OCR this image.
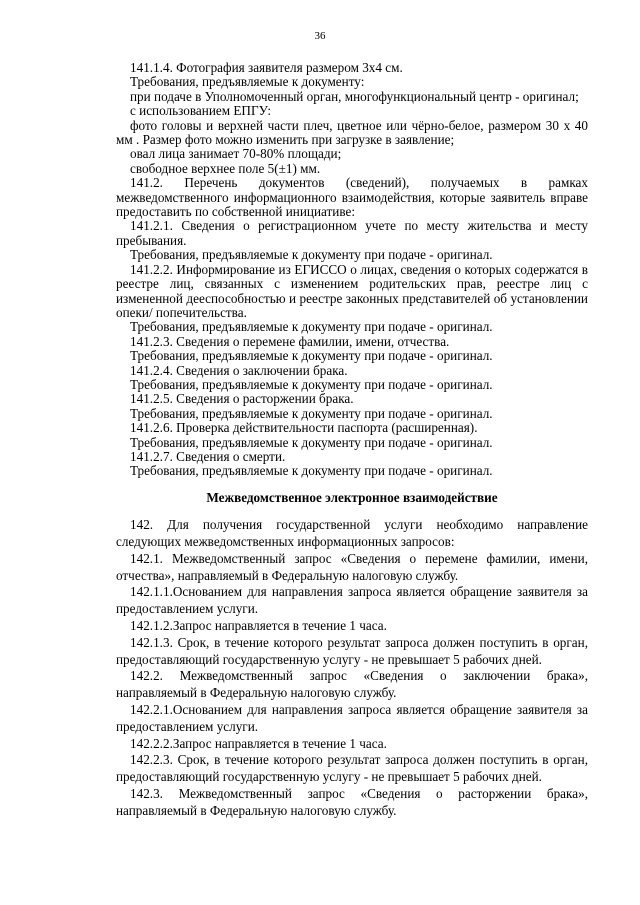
36

141.1.4. Фотография заявителя размером 3х4 см.

Требования, предъявляемые к документу:

при подаче в Уполномоченный орган, многофункциональный центр - оригинал;

с использованием ЕПГУ:

фото головы и верхней части плеч, цветное или чёрно-белое, размером 30 х 40 мм . Размер фото можно изменить при загрузке в заявление;

овал лица занимает 70-80% площади;

свободное верхнее поле 5(±1) мм.

141.2. Перечень документов (сведений), получаемых в рамках межведомственного информационного взаимодействия, которые заявитель вправе предоставить по собственной инициативе:

141.2.1. Сведения о регистрационном учете по месту жительства и месту пребывания.

Требования, предъявляемые к документу при подаче - оригинал.

141.2.2. Информирование из ЕГИССО о лицах, сведения о которых содержатся в реестре лиц, связанных с изменением родительских прав, реестре лиц с измененной дееспособностью и реестре законных представителей об установлении опеки/ попечительства.

Требования, предъявляемые к документу при подаче - оригинал.

141.2.3. Сведения о перемене фамилии, имени, отчества.

Требования, предъявляемые к документу при подаче - оригинал.

141.2.4. Сведения о заключении брака.

Требования, предъявляемые к документу при подаче - оригинал.

141.2.5. Сведения о расторжении брака.

Требования, предъявляемые к документу при подаче - оригинал.

141.2.6. Проверка действительности паспорта (расширенная).

Требования, предъявляемые к документу при подаче - оригинал.

141.2.7. Сведения о смерти.

Требования, предъявляемые к документу при подаче - оригинал.

Межведомственное электронное взаимодействие

142. Для получения государственной услуги необходимо направление следующих межведомственных информационных запросов:

142.1. Межведомственный запрос «Сведения о перемене фамилии, имени, отчества», направляемый в Федеральную налоговую службу.

142.1.1.Основанием для направления запроса является обращение заявителя за предоставлением услуги.

142.1.2.Запрос направляется в течение 1 часа.

142.1.3. Срок, в течение которого результат запроса должен поступить в орган, предоставляющий государственную услугу - не превышает 5 рабочих дней.

142.2. Межведомственный запрос «Сведения о заключении брака», направляемый в Федеральную налоговую службу.

142.2.1.Основанием для направления запроса является обращение заявителя за предоставлением услуги.

142.2.2.Запрос направляется в течение 1 часа.

142.2.3. Срок, в течение которого результат запроса должен поступить в орган, предоставляющий государственную услугу - не превышает 5 рабочих дней.

142.3. Межведомственный запрос «Сведения о расторжении брака», направляемый в Федеральную налоговую службу.
